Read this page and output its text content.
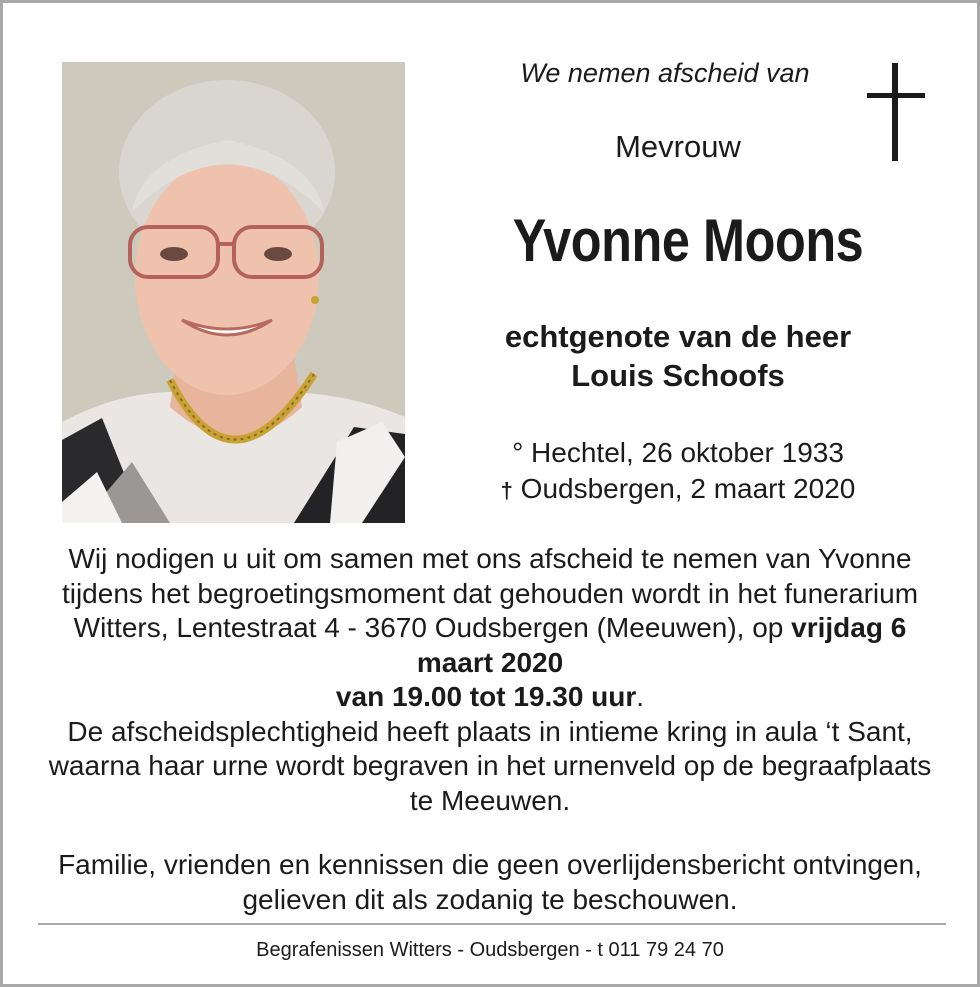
We nemen afscheid van

Mevrouw

Yvonne Moons

echtgenote van de heer
Louis Schoofs

° Hechtel, 26 oktober 1933
† Oudsbergen, 2 maart 2020

Wij nodigen u uit om samen met ons afscheid te nemen van Yvonne tijdens het begroetingsmoment dat gehouden wordt in het funerarium Witters, Lentestraat 4 - 3670 Oudsbergen (Meeuwen), op vrijdag 6 maart 2020
van 19.00 tot 19.30 uur.
De afscheidsplechtigheid heeft plaats in intieme kring in aula ‘t Sant, waarna haar urne wordt begraven in het urnenveld op de begraafplaats te Meeuwen.

Familie, vrienden en kennissen die geen overlijdensbericht ontvingen, gelieven dit als zodanig te beschouwen.

Begrafenissen Witters - Oudsbergen - t 011 79 24 70
